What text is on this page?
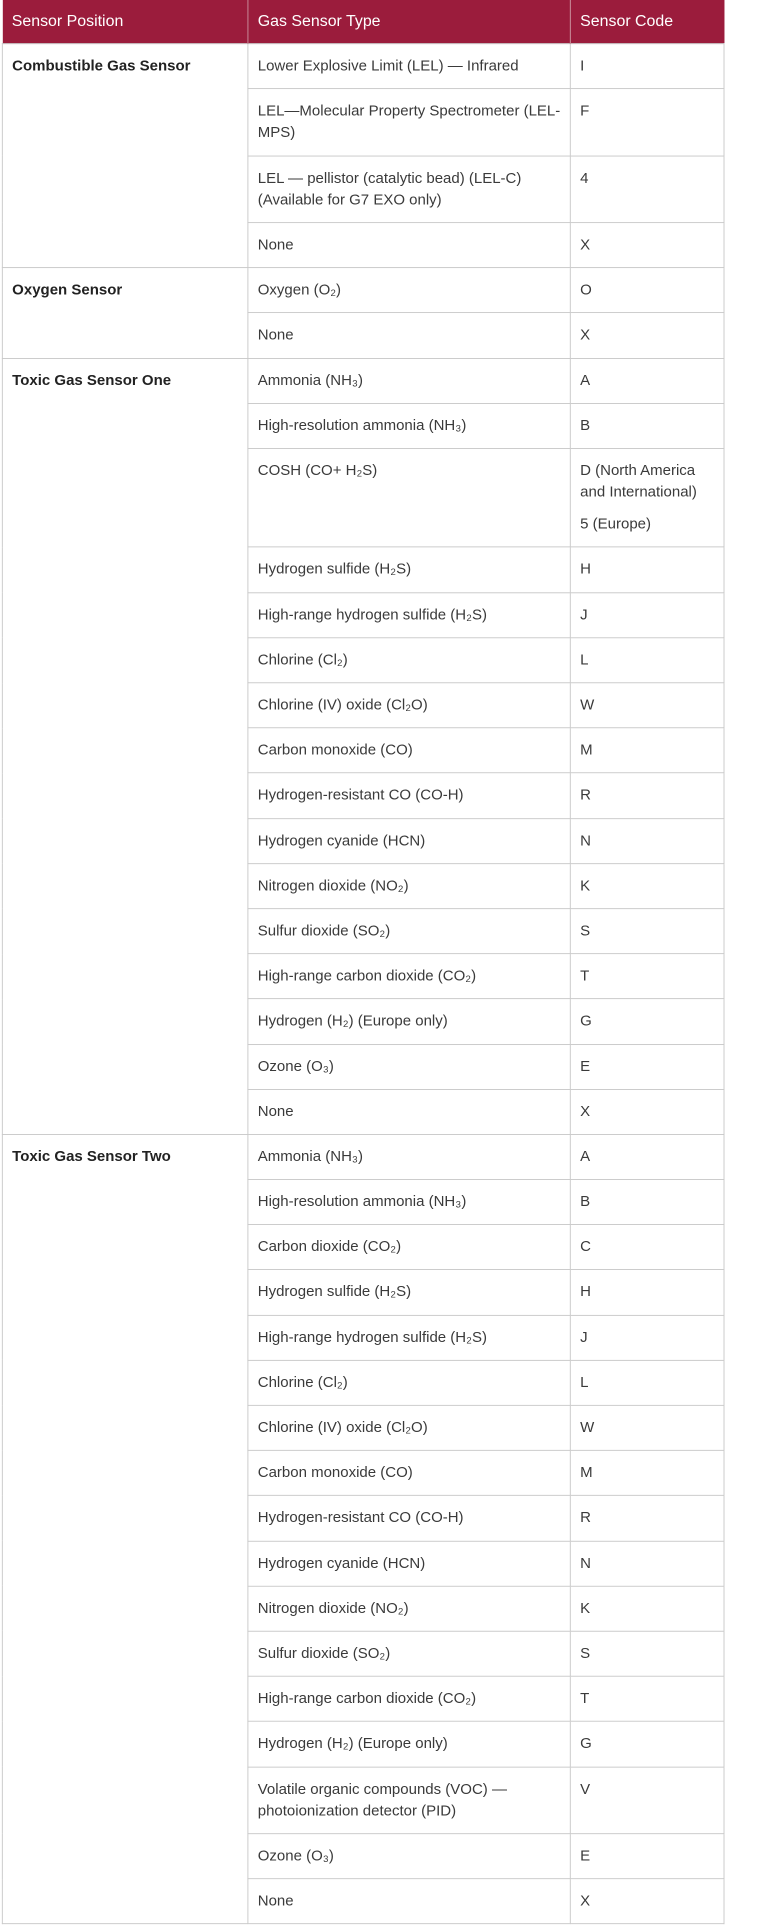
Sensor Position	Gas Sensor Type	Sensor Code
Combustible Gas Sensor	Lower Explosive Limit (LEL) — Infrared	I

	LEL—Molecular Property Spectrometer (LEL-MPS)	F

	LEL — pellistor (catalytic bead) (LEL-C) (Available for G7 EXO only)	4

	None	X

Oxygen Sensor	Oxygen (O₂)	O

	None	X

Toxic Gas Sensor One	Ammonia (NH₃)	A

	High-resolution ammonia (NH₃)	B

	COSH (CO+ H₂S)	D (North America and International)
5 (Europe)

	Hydrogen sulfide (H₂S)	H

	High-range hydrogen sulfide (H₂S)	J

	Chlorine (Cl₂)	L

	Chlorine (IV) oxide (Cl₂O)	W

	Carbon monoxide (CO)	M

	Hydrogen-resistant CO (CO-H)	R

	Hydrogen cyanide (HCN)	N

	Nitrogen dioxide (NO₂)	K

	Sulfur dioxide (SO₂)	S

	High-range carbon dioxide (CO₂)	T

	Hydrogen (H₂) (Europe only)	G

	Ozone (O₃)	E

	None	X

Toxic Gas Sensor Two	Ammonia (NH₃)	A

	High-resolution ammonia (NH₃)	B

	Carbon dioxide (CO₂)	C

	Hydrogen sulfide (H₂S)	H

	High-range hydrogen sulfide (H₂S)	J

	Chlorine (Cl₂)	L

	Chlorine (IV) oxide (Cl₂O)	W

	Carbon monoxide (CO)	M

	Hydrogen-resistant CO (CO-H)	R

	Hydrogen cyanide (HCN)	N

	Nitrogen dioxide (NO₂)	K

	Sulfur dioxide (SO₂)	S

	High-range carbon dioxide (CO₂)	T

	Hydrogen (H₂) (Europe only)	G

	Volatile organic compounds (VOC) — photoionization detector (PID)	V

	Ozone (O₃)	E

	None	X
